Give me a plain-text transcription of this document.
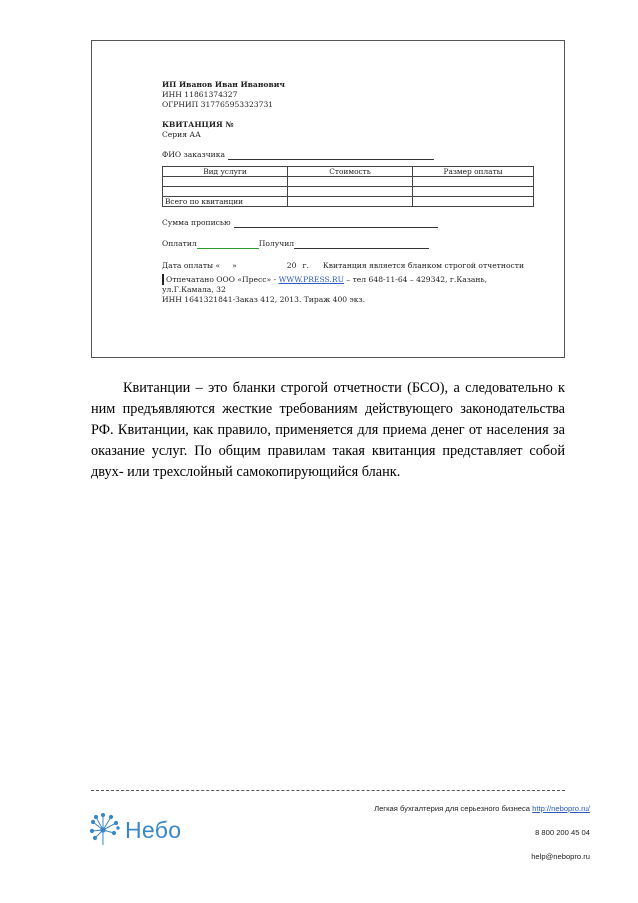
ИП Иванов Иван Иванович
ИНН 11861374327
ОГРНИП 317765953323731
КВИТАНЦИЯ №
Серия АА
ФИО заказчика
Вид услуги	Стоимость	Размер оплаты

Всего по квитанции		
Сумма прописью
Оплатил	Получил
Дата оплаты « »	20 г. Квитанция является бланком строгой отчетности
Отпечатано ООО «Пресс» - WWW.PRESS.RU – тел 648-11-64 – 429342, г.Казань,
ул.Г.Камала, 32
ИНН 1641321841-Заказ 412, 2013. Тираж 400 экз.

Квитанции – это бланки строгой отчетности (БСО), а следовательно к ним предъявляются жесткие требованиям действующего законодательства РФ. Квитанции, как правило, применяется для приема денег от населения за оказание услуг. По общим правилам такая квитанция представляет собой двух- или трехслойный самокопирующийся бланк.

Небо
Легкая бухгалтерия для серьезного бизнеса http://nebopro.ru/
8 800 200 45 04
help@nebopro.ru
